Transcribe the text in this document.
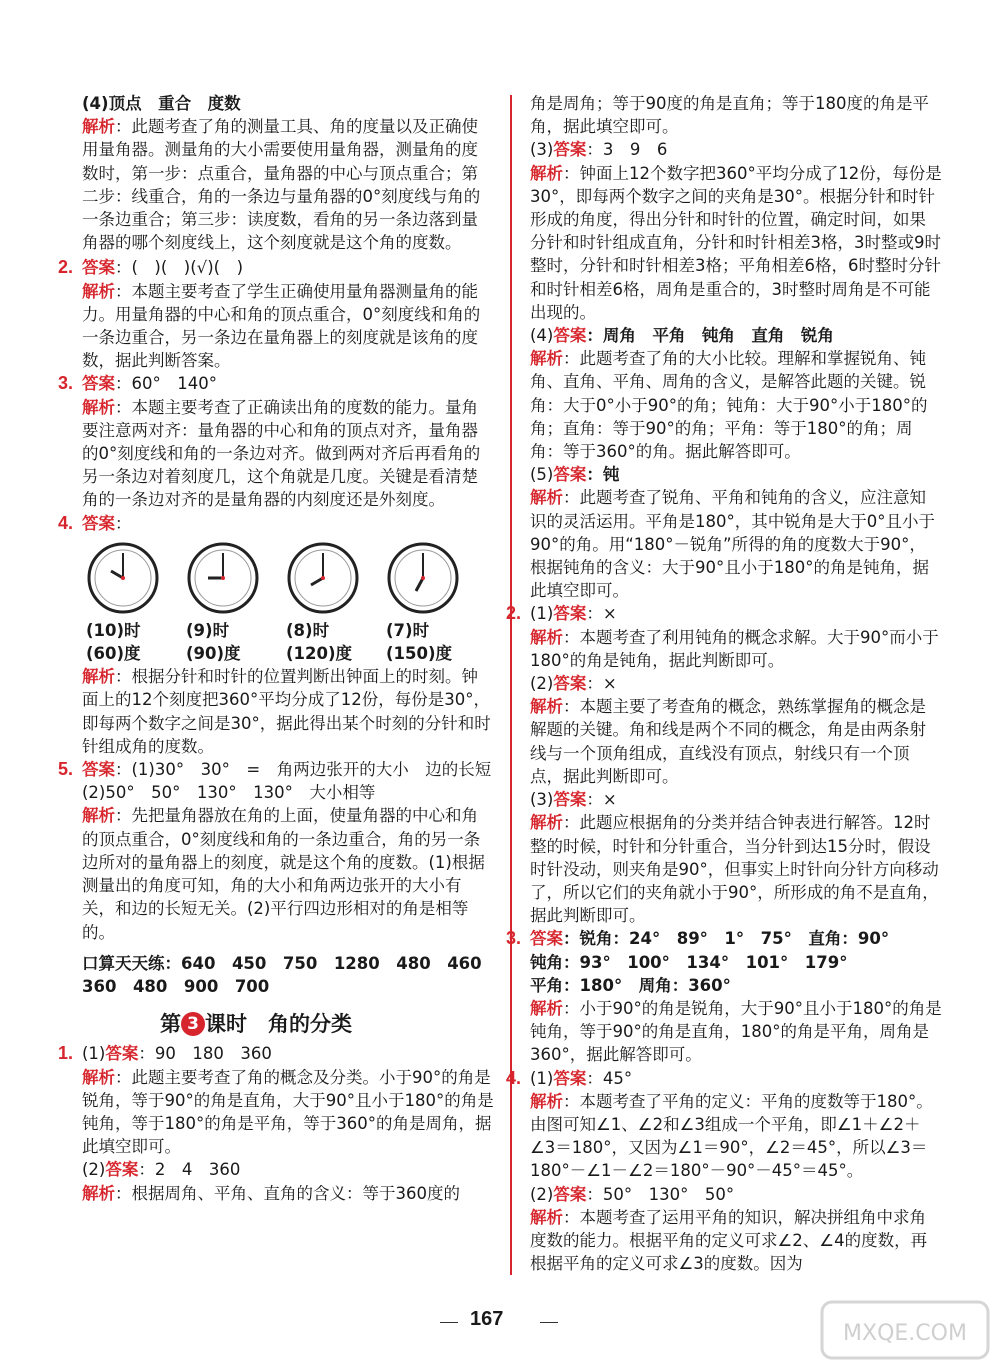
(4)顶点　重合　度数

解析：此题考查了角的测量工具、角的度量以及正确使用量角器。测量角的大小需要使用量角器，测量角的度数时，第一步：点重合，量角器的中心与顶点重合；第二步：线重合，角的一条边与量角器的0°刻度线与角的一条边重合；第三步：读度数，看角的另一条边落到量角器的哪个刻度线上，这个刻度就是这个角的度数。

2. 答案：(　)(　)(√)(　)

解析：本题主要考查了学生正确使用量角器测量角的能力。用量角器的中心和角的顶点重合，0°刻度线和角的一条边重合，另一条边在量角器上的刻度就是该角的度数，据此判断答案。

3. 答案：60°　140°

解析：本题主要考查了正确读出角的度数的能力。量角要注意两对齐：量角器的中心和角的顶点对齐，量角器的0°刻度线和角的一条边对齐。做到两对齐后再看角的另一条边对着刻度几，这个角就是几度。关键是看清楚角的一条边对齐的是量角器的内刻度还是外刻度。

4. 答案：

(10)时	(9)时	(8)时	(7)时
(60)度	(90)度	(120)度	(150)度

解析：根据分针和时针的位置判断出钟面上的时刻。钟面上的12个刻度把360°平均分成了12份，每份是30°，即每两个数字之间是30°，据此得出某个时刻的分针和时针组成角的度数。

5. 答案：(1)30°　30°　=　角两边张开的大小　边的长短

(2)50°　50°　130°　130°　大小相等

解析：先把量角器放在角的上面，使量角器的中心和角的顶点重合，0°刻度线和角的一条边重合，角的另一条边所对的量角器上的刻度，就是这个角的度数。(1)根据测量出的角度可知，角的大小和角两边张开的大小有关，和边的长短无关。(2)平行四边形相对的角是相等的。

口算天天练：640　450　750　1280　480　460　360　480　900　700

第 3 课时　角的分类

1. (1)答案：90　180　360

解析：此题主要考查了角的概念及分类。小于90°的角是锐角，等于90°的角是直角，大于90°且小于180°的角是钝角，等于180°的角是平角，等于360°的角是周角，据此填空即可。

(2)答案：2　4　360

解析：根据周角、平角、直角的含义：等于360度的

角是周角；等于90度的角是直角；等于180度的角是平角，据此填空即可。

(3)答案：3　9　6

解析：钟面上12个数字把360°平均分成了12份，每份是30°，即每两个数字之间的夹角是30°。根据分针和时针形成的角度，得出分针和时针的位置，确定时间，如果分针和时针组成直角，分针和时针相差3格，3时整或9时整时，分针和时针相差3格；平角相差6格，6时整时分针和时针相差6格，周角是重合的，3时整时周角是不可能出现的。

(4)答案：周角　平角　钝角　直角　锐角

解析：此题考查了角的大小比较。理解和掌握锐角、钝角、直角、平角、周角的含义，是解答此题的关键。锐角：大于0°小于90°的角；钝角：大于90°小于180°的角；直角：等于90°的角；平角：等于180°的角；周角：等于360°的角。据此解答即可。

(5)答案：钝

解析：此题考查了锐角、平角和钝角的含义，应注意知识的灵活运用。平角是180°，其中锐角是大于0°且小于90°的角。用“180°－锐角”所得的角的度数大于90°，根据钝角的含义：大于90°且小于180°的角是钝角，据此填空即可。

2. (1)答案：×

解析：本题考查了利用钝角的概念求解。大于90°而小于180°的角是钝角，据此判断即可。

(2)答案：×

解析：本题主要了考查角的概念，熟练掌握角的概念是解题的关键。角和线是两个不同的概念，角是由两条射线与一个顶角组成，直线没有顶点，射线只有一个顶点，据此判断即可。

(3)答案：×

解析：此题应根据角的分类并结合钟表进行解答。12时整的时候，时针和分针重合，当分针到达15分时，假设时针没动，则夹角是90°，但事实上时针向分针方向移动了，所以它们的夹角就小于90°，所形成的角不是直角，据此判断即可。

3. 答案：锐角：24°　89°　1°　75°　直角：90°

钝角：93°　100°　134°　101°　179°

平角：180°　周角：360°

解析：小于90°的角是锐角，大于90°且小于180°的角是钝角，等于90°的角是直角，180°的角是平角，周角是360°，据此解答即可。

4. (1)答案：45°

解析：本题考查了平角的定义：平角的度数等于180°。由图可知∠1、∠2和∠3组成一个平角，即∠1＋∠2＋∠3＝180°，又因为∠1＝90°，∠2＝45°，所以∠3＝180°－∠1－∠2＝180°－90°－45°＝45°。

(2)答案：50°　130°　50°

解析：本题考查了运用平角的知识，解决拼组角中求角度数的能力。根据平角的定义可求∠2、∠4的度数，再根据平角的定义可求∠3的度数。因为

167
MXQE.COM
